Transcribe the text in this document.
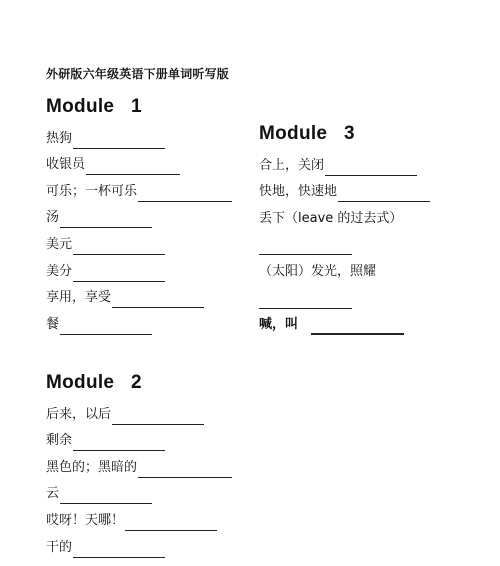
外研版六年级英语下册单词听写版
Module   1
热狗
收银员
可乐；一杯可乐
汤
美元
美分
享用，享受
餐
Module   2
后来，以后
剩余
黑色的；黑暗的
云
哎呀！天哪！
干的
Module   3
合上，关闭
快地，快速地
丢下（leave 的过去式）
（太阳）发光，照耀
喊，叫
